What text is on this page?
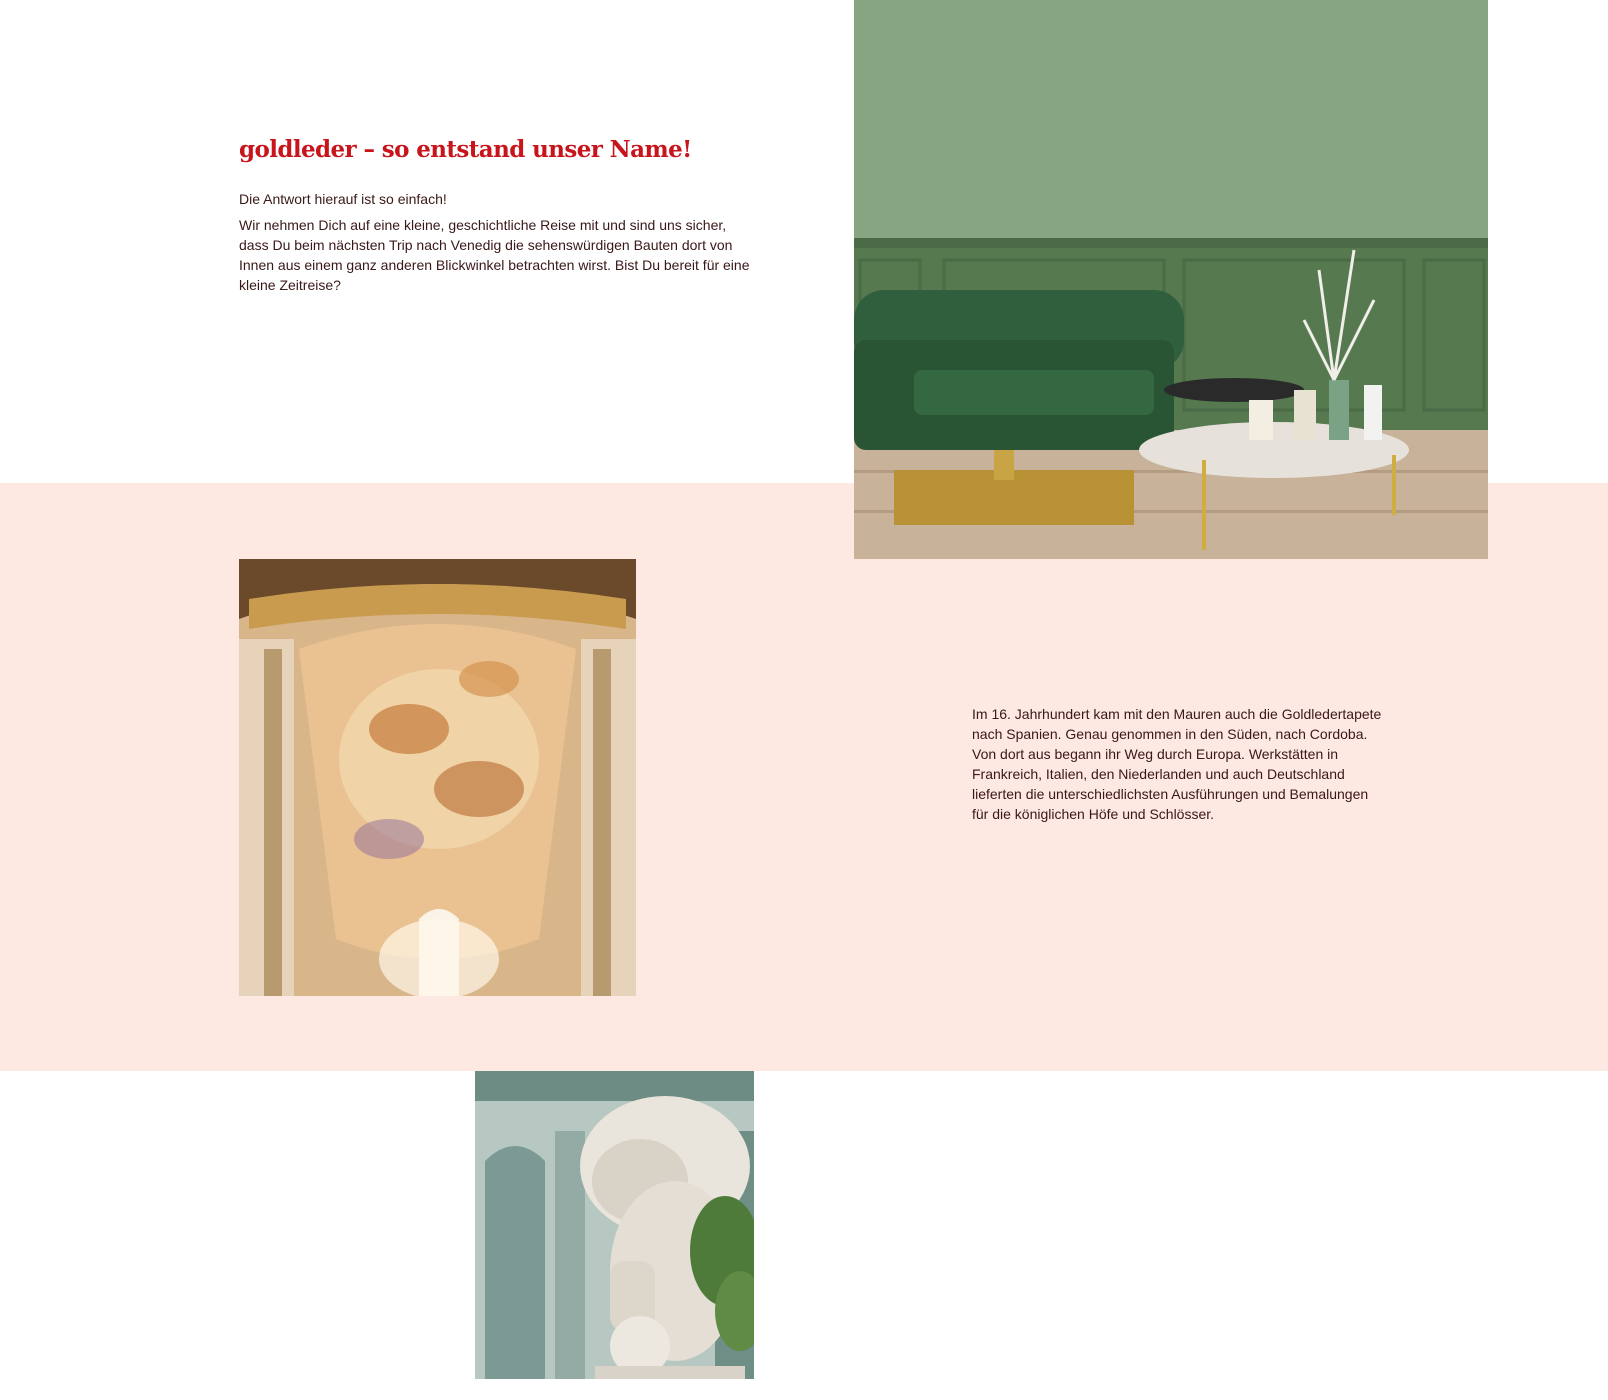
goldleder – so entstand unser Name!

Die Antwort hierauf ist so einfach!

Wir nehmen Dich auf eine kleine, geschichtliche Reise mit und sind uns sicher, dass Du beim nächsten Trip nach Venedig die sehenswürdigen Bauten dort von Innen aus einem ganz anderen Blickwinkel betrachten wirst. Bist Du bereit für eine kleine Zeitreise?

Im 16. Jahrhundert kam mit den Mauren auch die Goldledertapete nach Spanien. Genau genommen in den Süden, nach Cordoba. Von dort aus begann ihr Weg durch Europa. Werkstätten in Frankreich, Italien, den Niederlanden und auch Deutschland lieferten die unterschiedlichsten Ausführungen und Bemalungen für die königlichen Höfe und Schlösser.
